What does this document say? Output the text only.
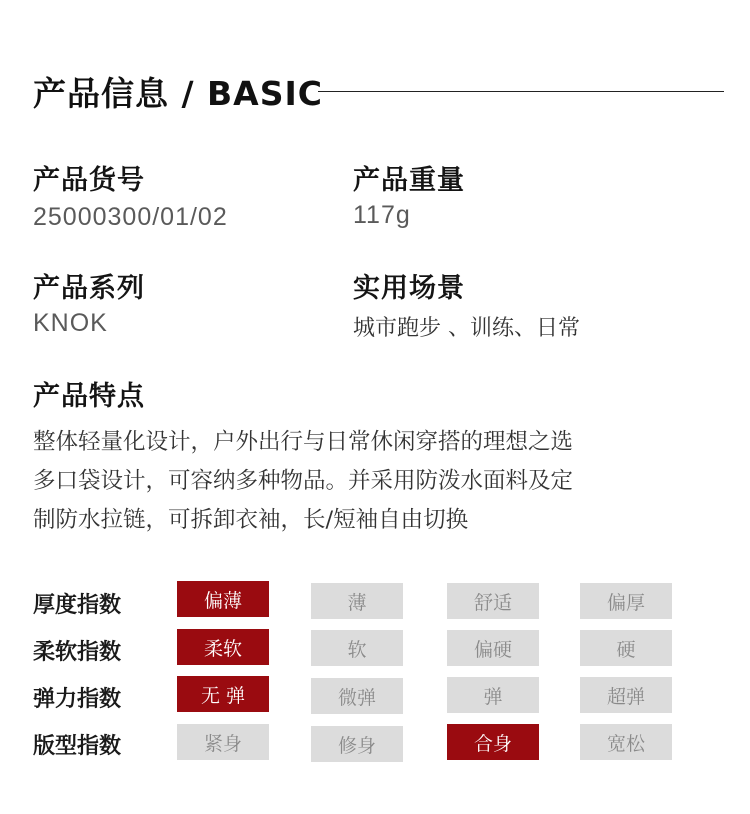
产品信息 / BASIC
产品货号
25000300/01/02
产品重量
117g
产品系列
KNOK
实用场景
城市跑步 、训练、日常
产品特点
整体轻量化设计，户外出行与日常休闲穿搭的理想之选
多口袋设计，可容纳多种物品。并采用防泼水面料及定
制防水拉链，可拆卸衣袖，长/短袖自由切换
厚度指数	偏薄	薄	舒适	偏厚
柔软指数	柔软	软	偏硬	硬
弹力指数	无 弹	微弹	弹	超弹
版型指数	紧身	修身	合身	宽松
